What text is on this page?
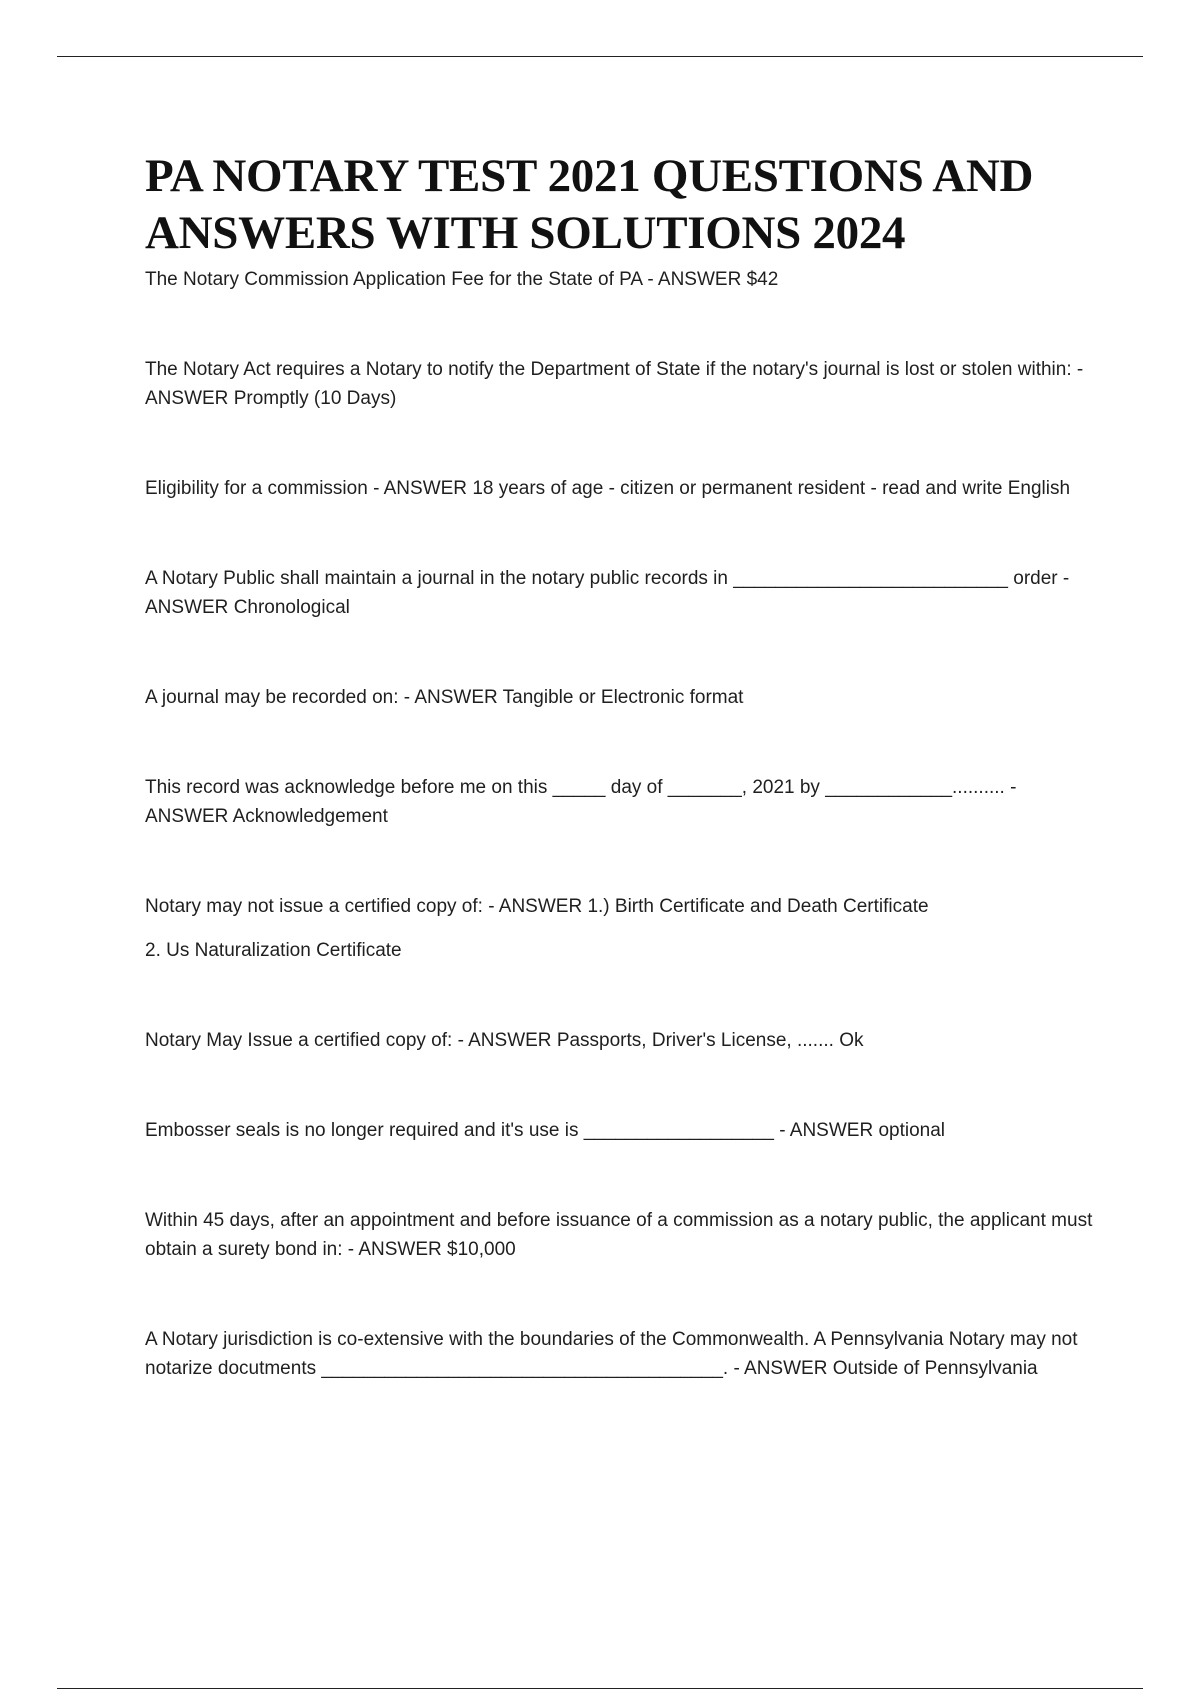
PA NOTARY TEST 2021 QUESTIONS AND ANSWERS WITH SOLUTIONS 2024
The Notary Commission Application Fee for the State of PA - ANSWER $42
The Notary Act requires a Notary to notify the Department of State if the notary's journal is lost or stolen within: - ANSWER Promptly (10 Days)
Eligibility for a commission - ANSWER 18 years of age - citizen or permanent resident - read and write English
A Notary Public shall maintain a journal in the notary public records in __________________________ order - ANSWER Chronological
A journal may be recorded on: - ANSWER Tangible or Electronic format
This record was acknowledge before me on this _____ day of _______, 2021 by ____________.......... - ANSWER Acknowledgement
Notary may not issue a certified copy of: - ANSWER 1.) Birth Certificate and Death Certificate
2. Us Naturalization Certificate
Notary May Issue a certified copy of: - ANSWER Passports, Driver's License, ....... Ok
Embosser seals is no longer required and it's use is __________________ - ANSWER optional
Within 45 days, after an appointment and before issuance of a commission as a notary public, the applicant must obtain a surety bond in: - ANSWER $10,000
A Notary jurisdiction is co-extensive with the boundaries of the Commonwealth. A Pennsylvania Notary may not notarize docutments ______________________________________. - ANSWER Outside of Pennsylvania
